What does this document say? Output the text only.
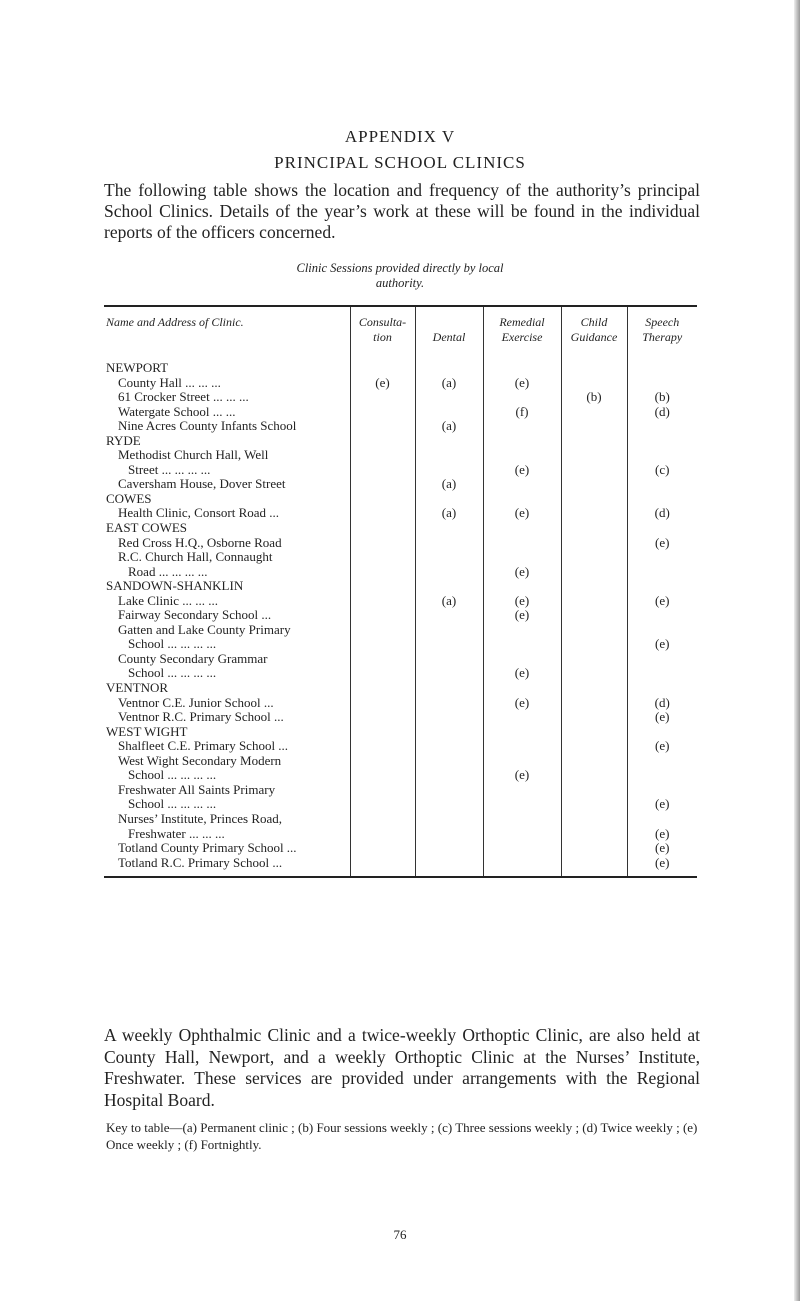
APPENDIX V
PRINCIPAL SCHOOL CLINICS
The following table shows the location and frequency of the authority’s principal School Clinics. Details of the year’s work at these will be found in the individual reports of the officers concerned.
Clinic Sessions provided directly by local
authority.
Name and Address of Clinic.	Consulta-tion	Dental	Remedial Exercise	Child Guidance	Speech Therapy
NEWPORT					
County Hall ... ... ...	(e)	(a)	(e)		
61 Crocker Street ... ... ...				(b)	(b)
Watergate School ... ...			(f)		(d)
Nine Acres County Infants School		(a)			
RYDE					
Methodist Church Hall, Well					
Street ... ... ... ...			(e)		(c)
Caversham House, Dover Street		(a)			
COWES					
Health Clinic, Consort Road ...		(a)	(e)		(d)
EAST COWES					
Red Cross H.Q., Osborne Road					(e)
R.C. Church Hall, Connaught					
Road ... ... ... ...			(e)		
SANDOWN-SHANKLIN					
Lake Clinic ... ... ...		(a)	(e)		(e)
Fairway Secondary School ...			(e)		
Gatten and Lake County Primary					
School ... ... ... ...					(e)
County Secondary Grammar					
School ... ... ... ...			(e)		
VENTNOR					
Ventnor C.E. Junior School ...			(e)		(d)
Ventnor R.C. Primary School ...					(e)
WEST WIGHT					
Shalfleet C.E. Primary School ...					(e)
West Wight Secondary Modern					
School ... ... ... ...			(e)		
Freshwater All Saints Primary					
School ... ... ... ...					(e)
Nurses’ Institute, Princes Road,					
Freshwater ... ... ...					(e)
Totland County Primary School ...					(e)
Totland R.C. Primary School ...					(e)
A weekly Ophthalmic Clinic and a twice-weekly Orthoptic Clinic, are also held at County Hall, Newport, and a weekly Orthoptic Clinic at the Nurses’ Institute, Freshwater. These services are provided under arrangements with the Regional Hospital Board.
Key to table—(a) Permanent clinic ; (b) Four sessions weekly ; (c) Three sessions weekly ; (d) Twice weekly ; (e) Once weekly ; (f) Fortnightly.
76
